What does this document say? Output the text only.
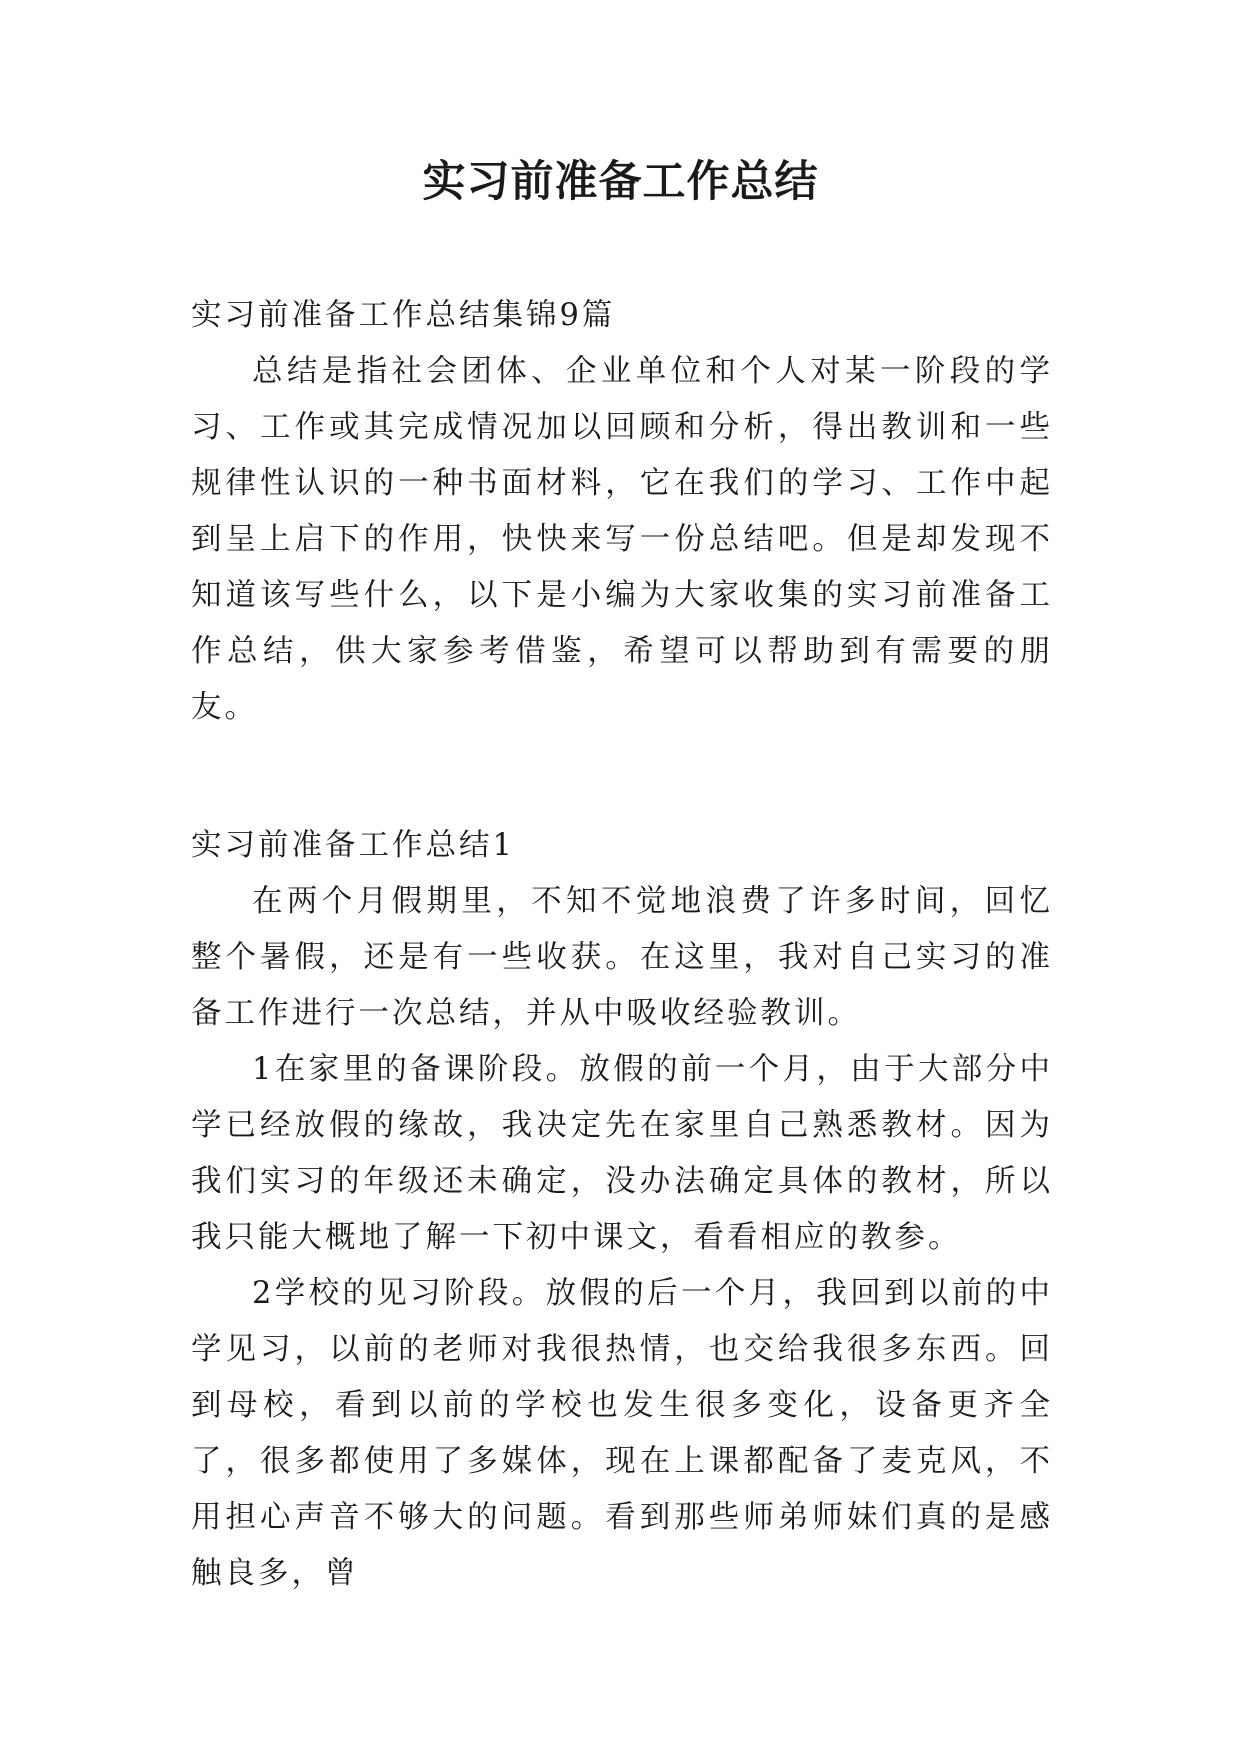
实习前准备工作总结

实习前准备工作总结集锦9篇

总结是指社会团体、企业单位和个人对某一阶段的学习、工作或其完成情况加以回顾和分析，得出教训和一些规律性认识的一种书面材料，它在我们的学习、工作中起到呈上启下的作用，快快来写一份总结吧。但是却发现不知道该写些什么，以下是小编为大家收集的实习前准备工作总结，供大家参考借鉴，希望可以帮助到有需要的朋友。

实习前准备工作总结1

在两个月假期里，不知不觉地浪费了许多时间，回忆整个暑假，还是有一些收获。在这里，我对自己实习的准备工作进行一次总结，并从中吸收经验教训。

1在家里的备课阶段。放假的前一个月，由于大部分中学已经放假的缘故，我决定先在家里自己熟悉教材。因为我们实习的年级还未确定，没办法确定具体的教材，所以我只能大概地了解一下初中课文，看看相应的教参。

2学校的见习阶段。放假的后一个月，我回到以前的中学见习，以前的老师对我很热情，也交给我很多东西。回到母校，看到以前的学校也发生很多变化，设备更齐全了，很多都使用了多媒体，现在上课都配备了麦克风，不用担心声音不够大的问题。看到那些师弟师妹们真的是感触良多，曾
